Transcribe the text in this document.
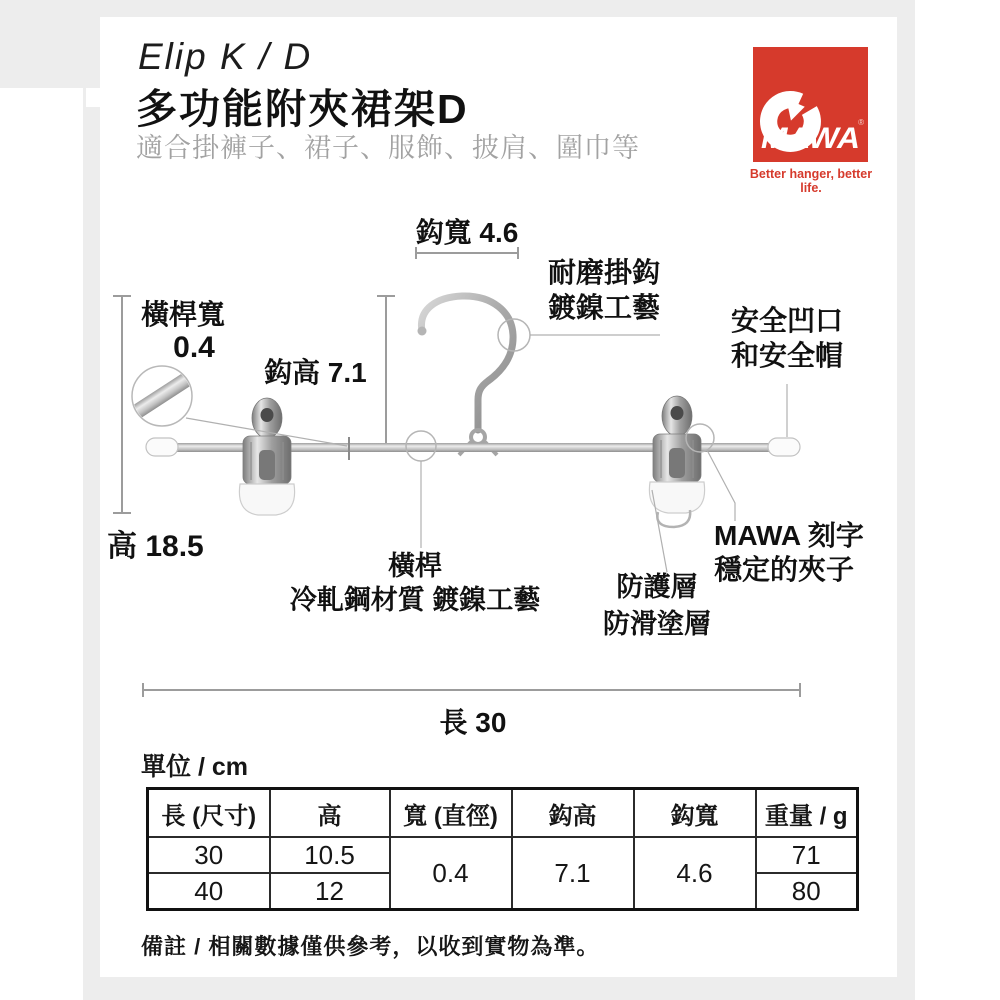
Elip K / D
多功能附夾裙架D
適合掛褲子、裙子、服飾、披肩、圍巾等	MAWA
®
Better hanger, better life.
鈎寬 4.6
耐磨掛鈎
鍍鎳工藝
橫桿寬
0.4
鈎高 7.1
安全凹口
和安全帽
高 18.5
橫桿
冷軋鋼材質 鍍鎳工藝	防護層
防滑塗層
MAWA 刻字
穩定的夾子
長 30
單位 / cm
長 (尺寸)	高	寬 (直徑)	鈎高	鈎寬	重量 / g
30	10.5	0.4	7.1	4.6	71
40	12				80
備註 / 相關數據僅供參考，以收到實物為準。
